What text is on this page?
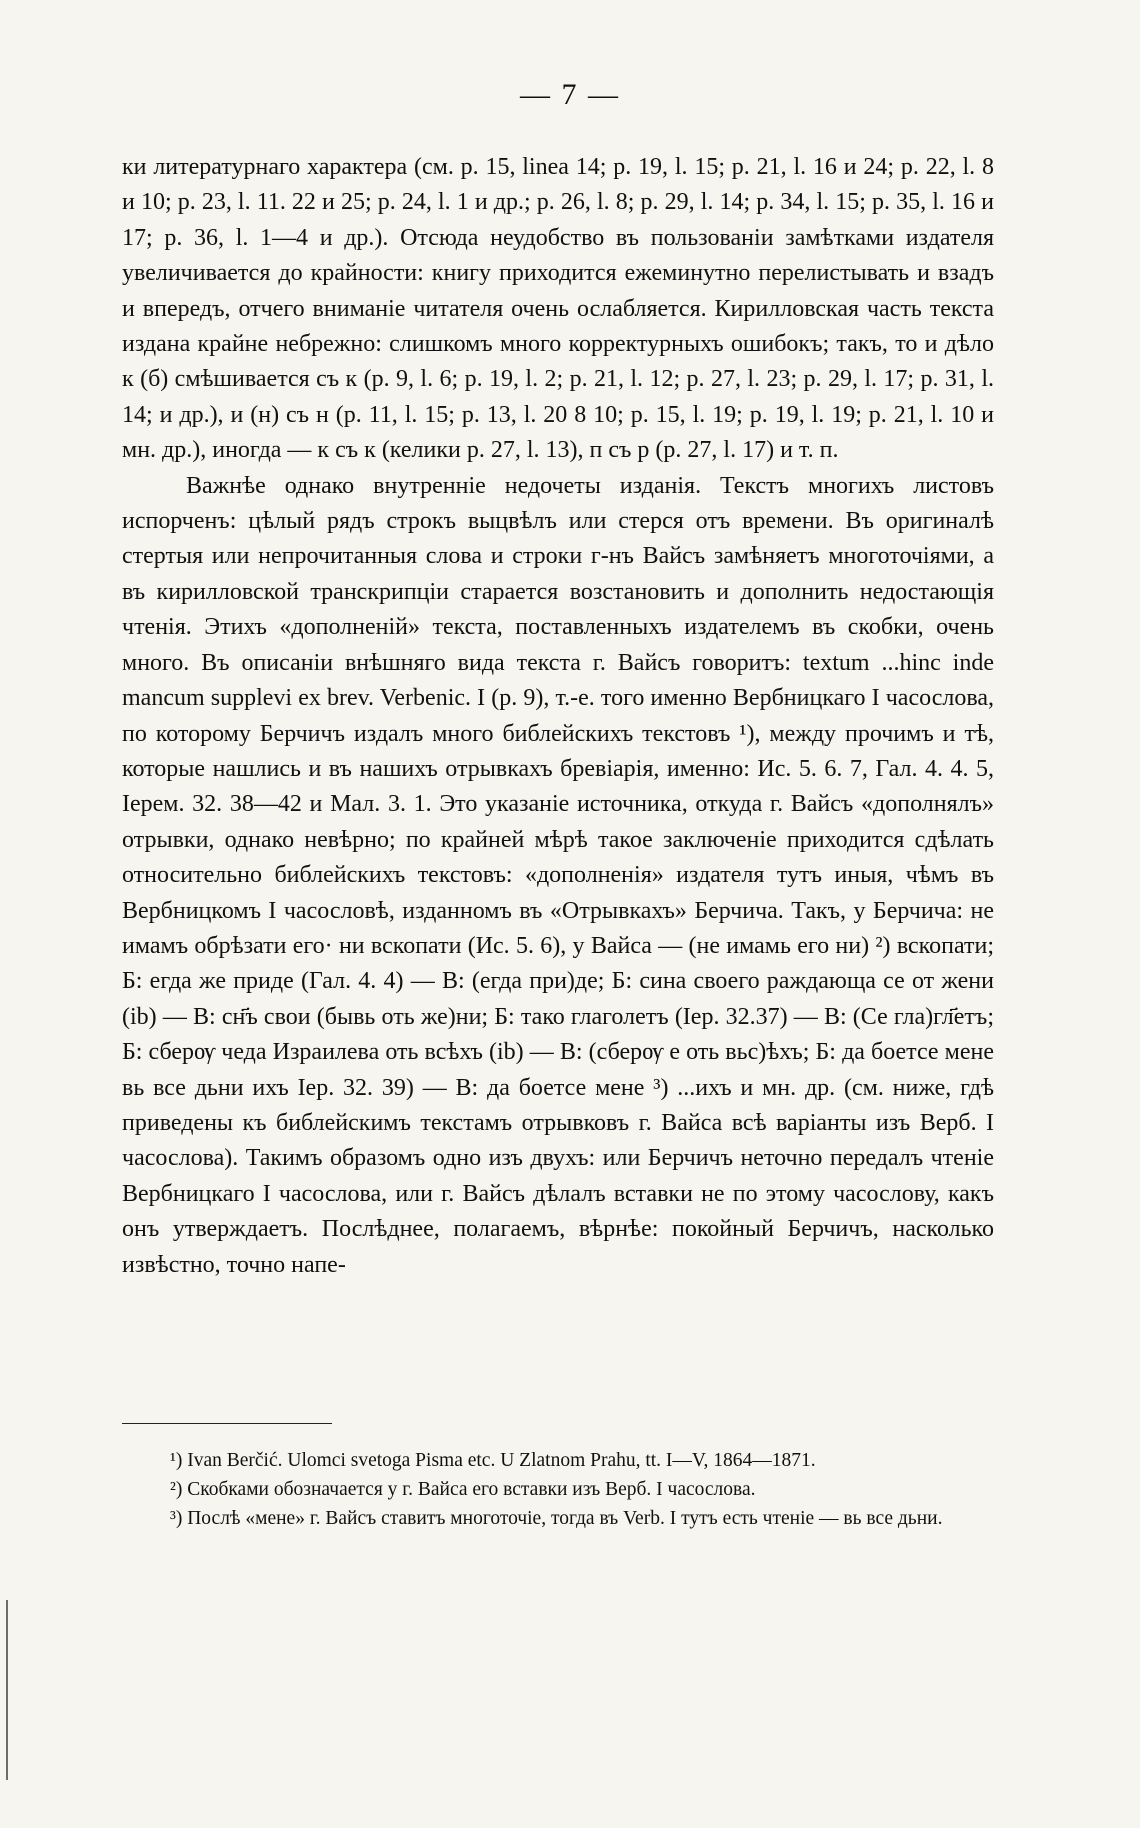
— 7 —

ки литературнаго характера (см. p. 15, linea 14; p. 19, l. 15; p. 21, l. 16 и 24; p. 22, l. 8 и 10; p. 23, l. 11. 22 и 25; p. 24, l. 1 и др.; p. 26, l. 8; p. 29, l. 14; p. 34, l. 15; p. 35, l. 16 и 17; p. 36, l. 1—4 и др.). Отсюда неудобство въ пользованіи замѣтками издателя увеличивается до крайности: книгу приходится ежеминутно перелистывать и взадъ и впередъ, отчего вниманіе читателя очень ослабляется. Кирилловская часть текста издана крайне небрежно: слишкомъ много корректурныхъ ошибокъ; такъ, то и дѣло к (б) смѣшивается съ к (p. 9, l. 6; p. 19, l. 2; p. 21, l. 12; p. 27, l. 23; p. 29, l. 17; p. 31, l. 14; и др.), и (н) съ н (p. 11, l. 15; p. 13, l. 20 8 10; p. 15, l. 19; p. 19, l. 19; p. 21, l. 10 и мн. др.), иногда — к съ к (келики p. 27, l. 13), п съ р (p. 27, l. 17) и т. п.

Важнѣе однако внутренніе недочеты изданія. Текстъ многихъ листовъ испорченъ: цѣлый рядъ строкъ выцвѣлъ или стерся отъ времени. Въ оригиналѣ стертыя или непрочитанныя слова и строки г-нъ Вайсъ замѣняетъ многоточіями, а въ кирилловской транскрипціи старается возстановить и дополнить недостающія чтенія. Этихъ «дополненій» текста, поставленныхъ издателемъ въ скобки, очень много. Въ описаніи внѣшняго вида текста г. Вайсъ говоритъ: textum ...hinc inde mancum supplevi ex brev. Verbenic. I (p. 9), т.-е. того именно Вербницкаго I часослова, по которому Берчичъ издалъ много библейскихъ текстовъ ¹), между прочимъ и тѣ, которые нашлись и въ нашихъ отрывкахъ бревіарія, именно: Ис. 5. 6. 7, Гал. 4. 4. 5, Іерем. 32. 38—42 и Мал. 3. 1. Это указаніе источника, откуда г. Вайсъ «дополнялъ» отрывки, однако невѣрно; по крайней мѣрѣ такое заключеніе приходится сдѣлать относительно библейскихъ текстовъ: «дополненія» издателя тутъ иныя, чѣмъ въ Вербницкомъ I часословѣ, изданномъ въ «Отрывкахъ» Берчича. Такъ, у Берчича: не имамъ обрѣзати его· ни вскопати (Ис. 5. 6), у Вайса — (не имамь его ни) ²) вскопати; Б: егда же приде (Гал. 4. 4) — В: (егда при)де; Б: сина своего раждающа се от жени (ib) — В: сн҃ъ свои (бывь оть же)ни; Б: тако глаголетъ (Іер. 32.37) — В: (Се гла)гл҃етъ; Б: сберѹ чеда Израилева оть всѣхъ (ib) — В: (сберѹ е оть вьс)ѣхъ; Б: да боетсе мене вь все дьни ихъ Іер. 32. 39) — В: да боетсе мене ³) ...ихъ и мн. др. (см. ниже, гдѣ приведены къ библейскимъ текстамъ отрывковъ г. Вайса всѣ варіанты изъ Верб. I часослова). Такимъ образомъ одно изъ двухъ: или Берчичъ неточно передалъ чтеніе Вербницкаго I часослова, или г. Вайсъ дѣлалъ вставки не по этому часослову, какъ онъ утверждаетъ. Послѣднее, полагаемъ, вѣрнѣе: покойный Берчичъ, насколько извѣстно, точно напе-

¹) Ivan Berčić. Ulomci svetoga Pisma etc. U Zlatnom Prahu, tt. I—V, 1864—1871.

²) Скобками обозначается у г. Вайса его вставки изъ Верб. I часослова.

³) Послѣ «мене» г. Вайсъ ставитъ многоточіе, тогда въ Verb. I тутъ есть чтеніе — вь все дьни.
